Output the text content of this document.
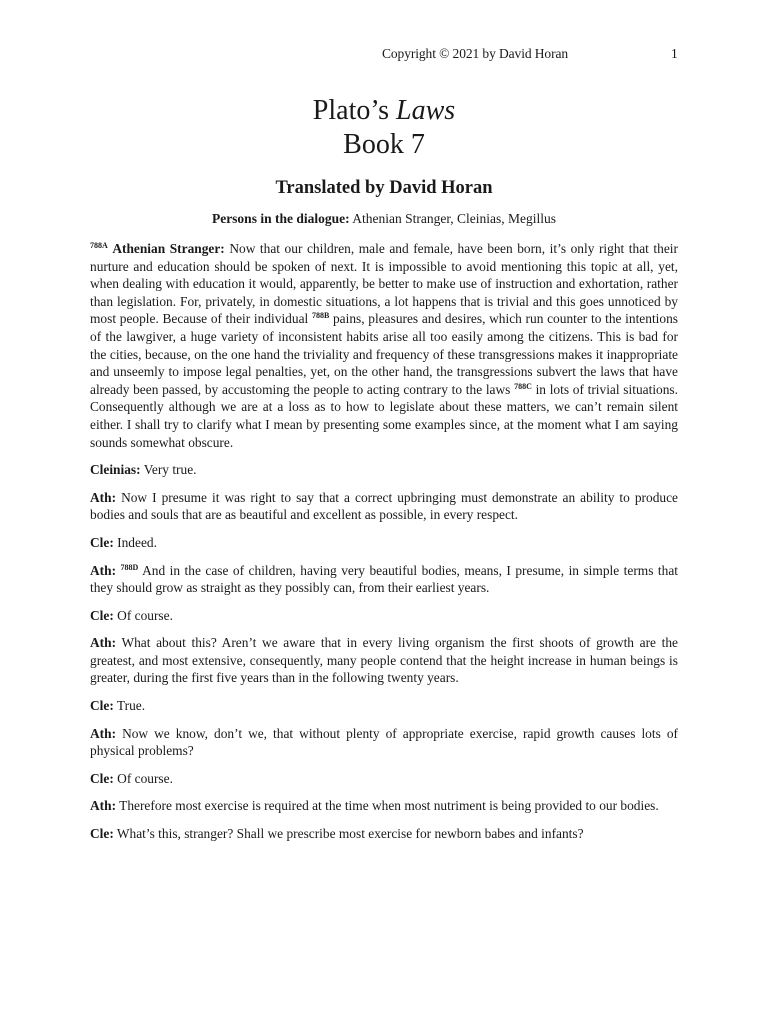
Copyright © 2021 by David Horan	1

Plato’s Laws

Book 7

Translated by David Horan
Persons in the dialogue: Athenian Stranger, Cleinias, Megillus

$^{788A}$ Athenian Stranger: Now that our children, male and female, have been born, it’s only right that their nurture and education should be spoken of next. It is impossible to avoid mentioning this topic at all, yet, when dealing with education it would, apparently, be better to make use of instruction and exhortation, rather than legislation. For, privately, in domestic situations, a lot happens that is trivial and this goes unnoticed by most people. Because of their individual $^{788B}$ pains, pleasures and desires, which run counter to the intentions of the lawgiver, a huge variety of inconsistent habits arise all too easily among the citizens. This is bad for the cities, because, on the one hand the triviality and frequency of these transgressions makes it inappropriate and unseemly to impose legal penalties, yet, on the other hand, the transgressions subvert the laws that have already been passed, by accustoming the people to acting contrary to the laws $^{788C}$ in lots of trivial situations. Consequently although we are at a loss as to how to legislate about these matters, we can’t remain silent either. I shall try to clarify what I mean by presenting some examples since, at the moment what I am saying sounds somewhat obscure.

Cleinias: Very true.

Ath: Now I presume it was right to say that a correct upbringing must demonstrate an ability to produce bodies and souls that are as beautiful and excellent as possible, in every respect.

Cle: Indeed.

Ath: $^{788D}$ And in the case of children, having very beautiful bodies, means, I presume, in simple terms that they should grow as straight as they possibly can, from their earliest years.

Cle: Of course.

Ath: What about this? Aren’t we aware that in every living organism the first shoots of growth are the greatest, and most extensive, consequently, many people contend that the height increase in human beings is greater, during the first five years than in the following twenty years.

Cle: True.

Ath: Now we know, don’t we, that without plenty of appropriate exercise, rapid growth causes lots of physical problems?

Cle: Of course.

Ath: Therefore most exercise is required at the time when most nutriment is being provided to our bodies.

Cle: What’s this, stranger? Shall we prescribe most exercise for newborn babes and infants?
